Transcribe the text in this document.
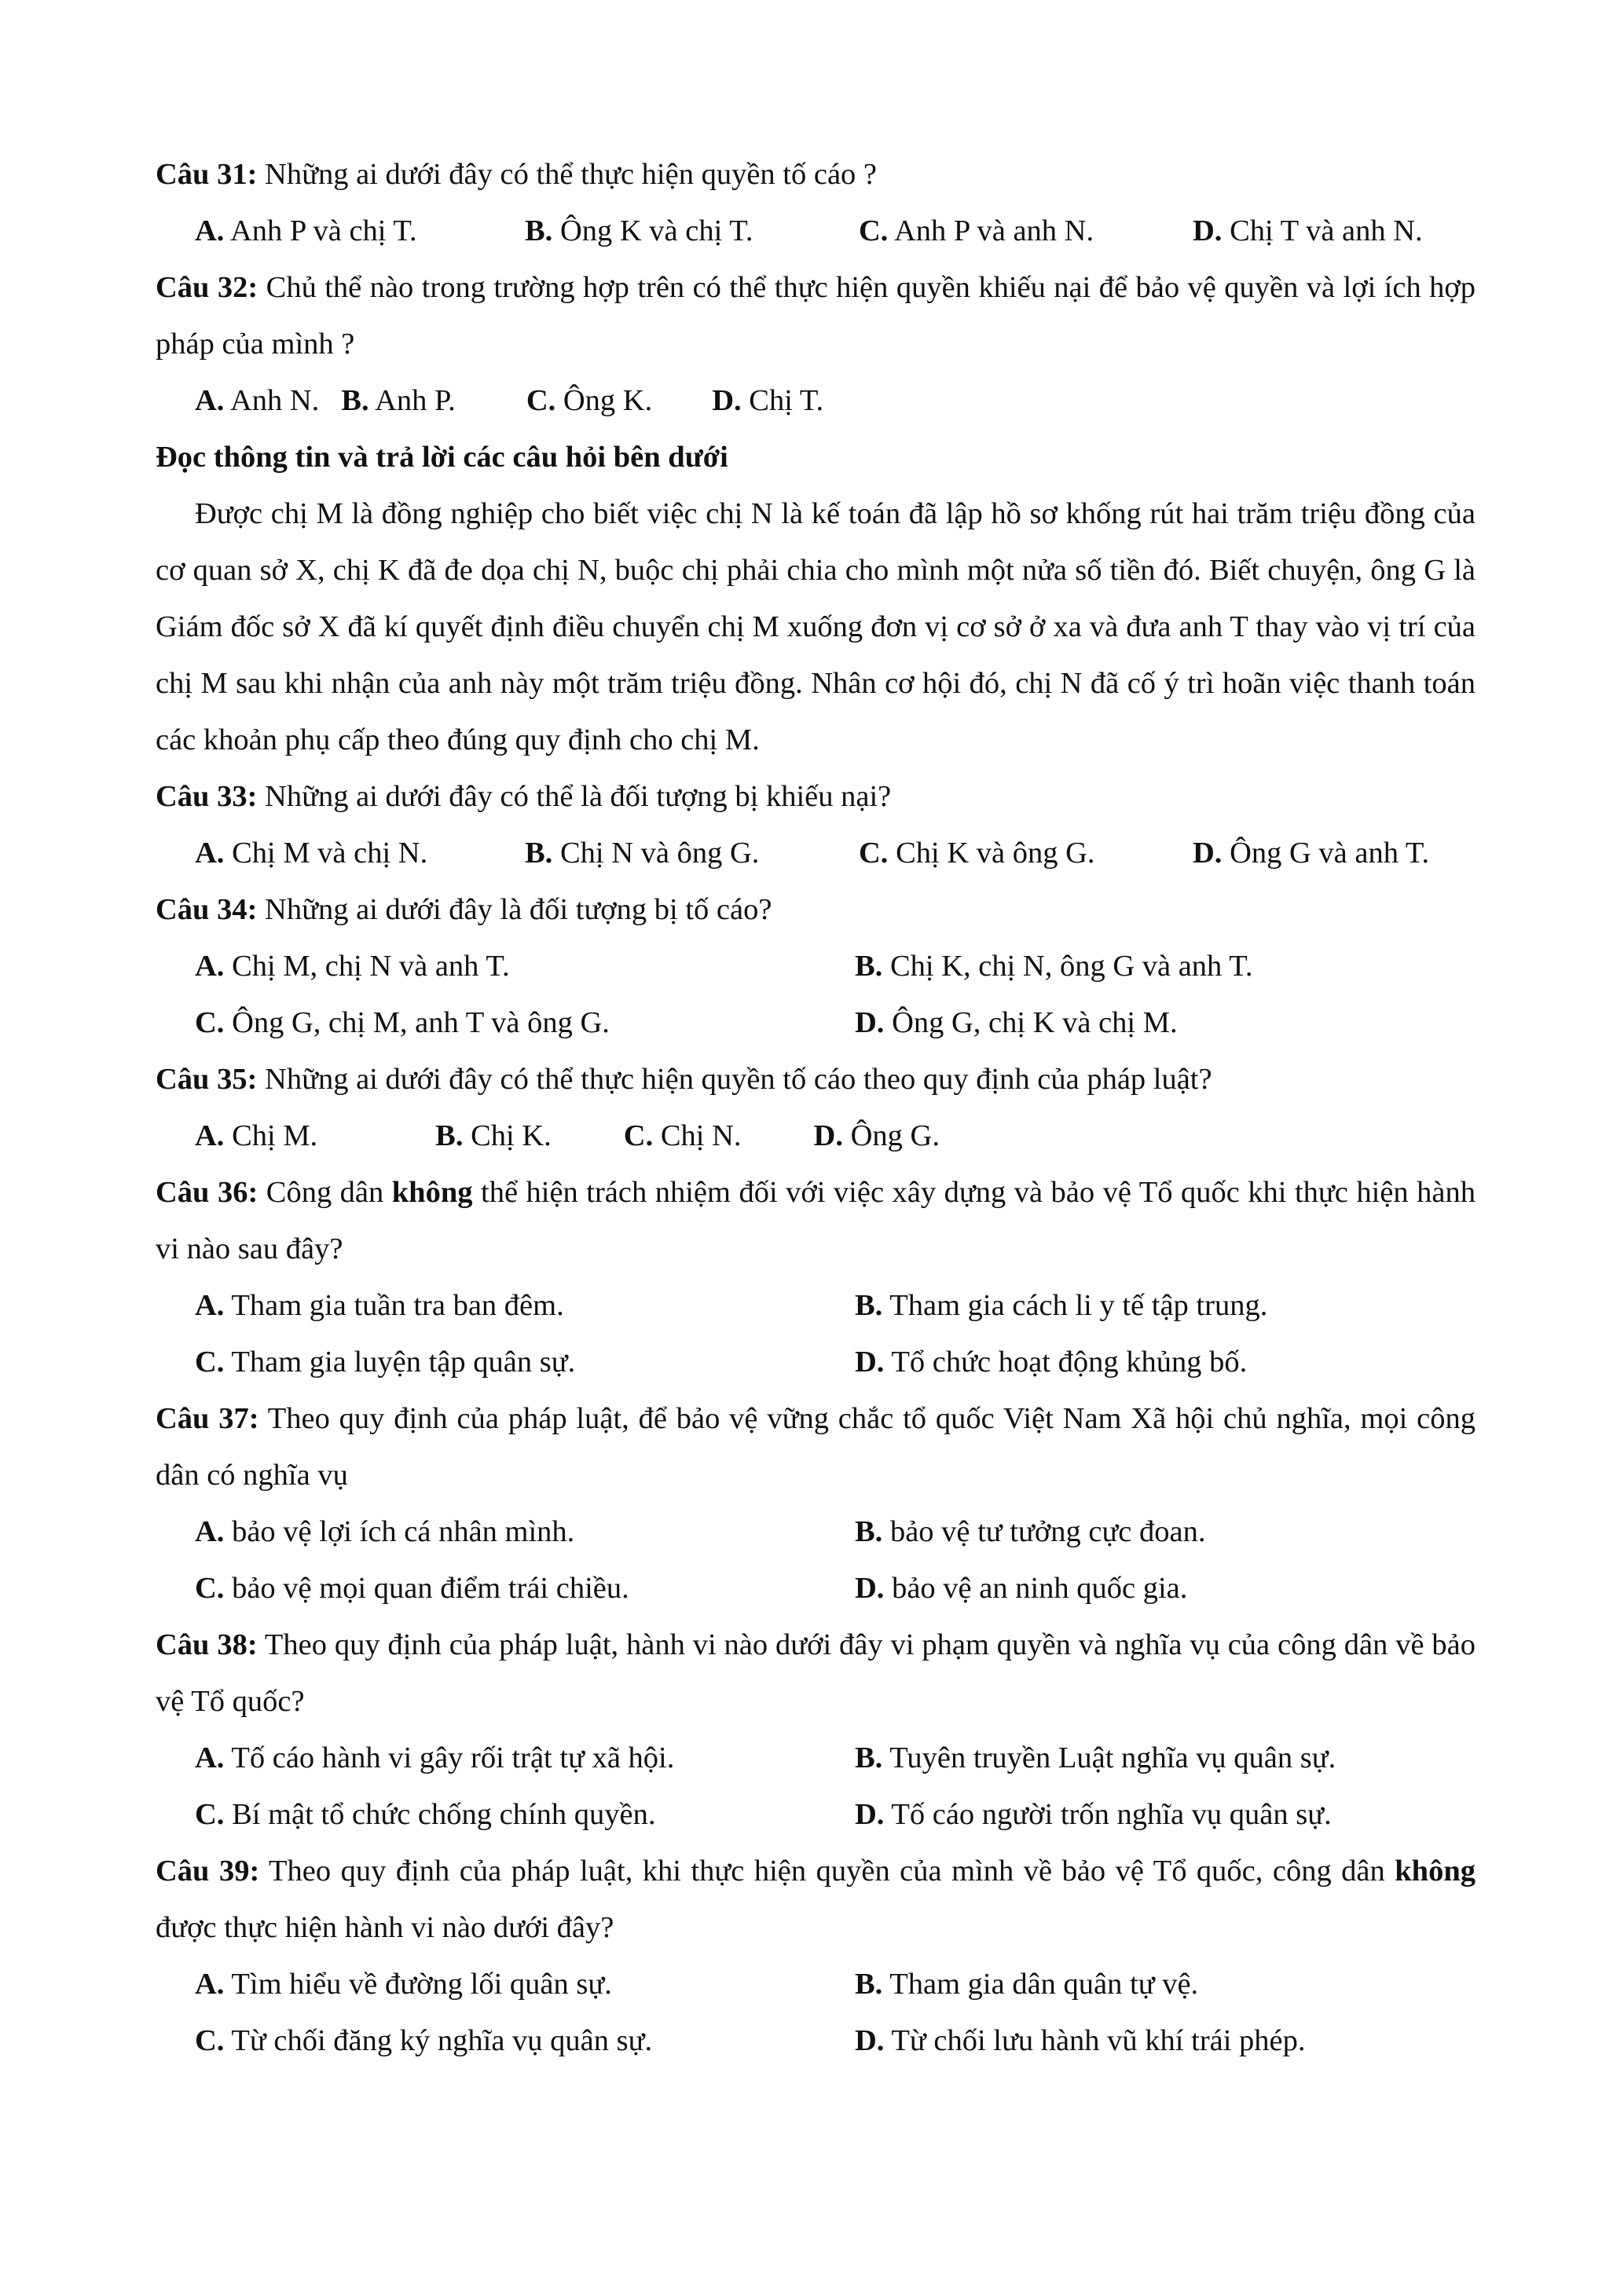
Câu 31: Những ai dưới đây có thể thực hiện quyền tố cáo ?

A. Anh P và chị T.	B. Ông K và chị T.	C. Anh P và anh N.	D. Chị T và anh N.

Câu 32: Chủ thể nào trong trường hợp trên có thể thực hiện quyền khiếu nại để bảo vệ quyền và lợi ích hợp pháp của mình ?

A. Anh N. B. Anh P. C. Ông K. D. Chị T.

Đọc thông tin và trả lời các câu hỏi bên dưới

Được chị M là đồng nghiệp cho biết việc chị N là kế toán đã lập hồ sơ khống rút hai trăm triệu đồng của cơ quan sở X, chị K đã đe dọa chị N, buộc chị phải chia cho mình một nửa số tiền đó. Biết chuyện, ông G là Giám đốc sở X đã kí quyết định điều chuyển chị M xuống đơn vị cơ sở ở xa và đưa anh T thay vào vị trí của chị M sau khi nhận của anh này một trăm triệu đồng. Nhân cơ hội đó, chị N đã cố ý trì hoãn việc thanh toán các khoản phụ cấp theo đúng quy định cho chị M.

Câu 33: Những ai dưới đây có thể là đối tượng bị khiếu nại?

A. Chị M và chị N.	B. Chị N và ông G.	C. Chị K và ông G.	D. Ông G và anh T.

Câu 34: Những ai dưới đây là đối tượng bị tố cáo?

A. Chị M, chị N và anh T.	B. Chị K, chị N, ông G và anh T.
C. Ông G, chị M, anh T và ông G.	D. Ông G, chị K và chị M.

Câu 35: Những ai dưới đây có thể thực hiện quyền tố cáo theo quy định của pháp luật?

A. Chị M.	B. Chị K. C. Chị N. D. Ông G.

Câu 36: Công dân không thể hiện trách nhiệm đối với việc xây dựng và bảo vệ Tổ quốc khi thực hiện hành vi nào sau đây?

A. Tham gia tuần tra ban đêm.	B. Tham gia cách li y tế tập trung.
C. Tham gia luyện tập quân sự.	D. Tổ chức hoạt động khủng bố.

Câu 37: Theo quy định của pháp luật, để bảo vệ vững chắc tổ quốc Việt Nam Xã hội chủ nghĩa, mọi công dân có nghĩa vụ

A. bảo vệ lợi ích cá nhân mình.	B. bảo vệ tư tưởng cực đoan.
C. bảo vệ mọi quan điểm trái chiều.	D. bảo vệ an ninh quốc gia.

Câu 38: Theo quy định của pháp luật, hành vi nào dưới đây vi phạm quyền và nghĩa vụ của công dân về bảo vệ Tổ quốc?

A. Tố cáo hành vi gây rối trật tự xã hội.	B. Tuyên truyền Luật nghĩa vụ quân sự.
C. Bí mật tổ chức chống chính quyền.	D. Tố cáo người trốn nghĩa vụ quân sự.

Câu 39: Theo quy định của pháp luật, khi thực hiện quyền của mình về bảo vệ Tổ quốc, công dân không được thực hiện hành vi nào dưới đây?

A. Tìm hiểu về đường lối quân sự.	B. Tham gia dân quân tự vệ.
C. Từ chối đăng ký nghĩa vụ quân sự.	D. Từ chối lưu hành vũ khí trái phép.
